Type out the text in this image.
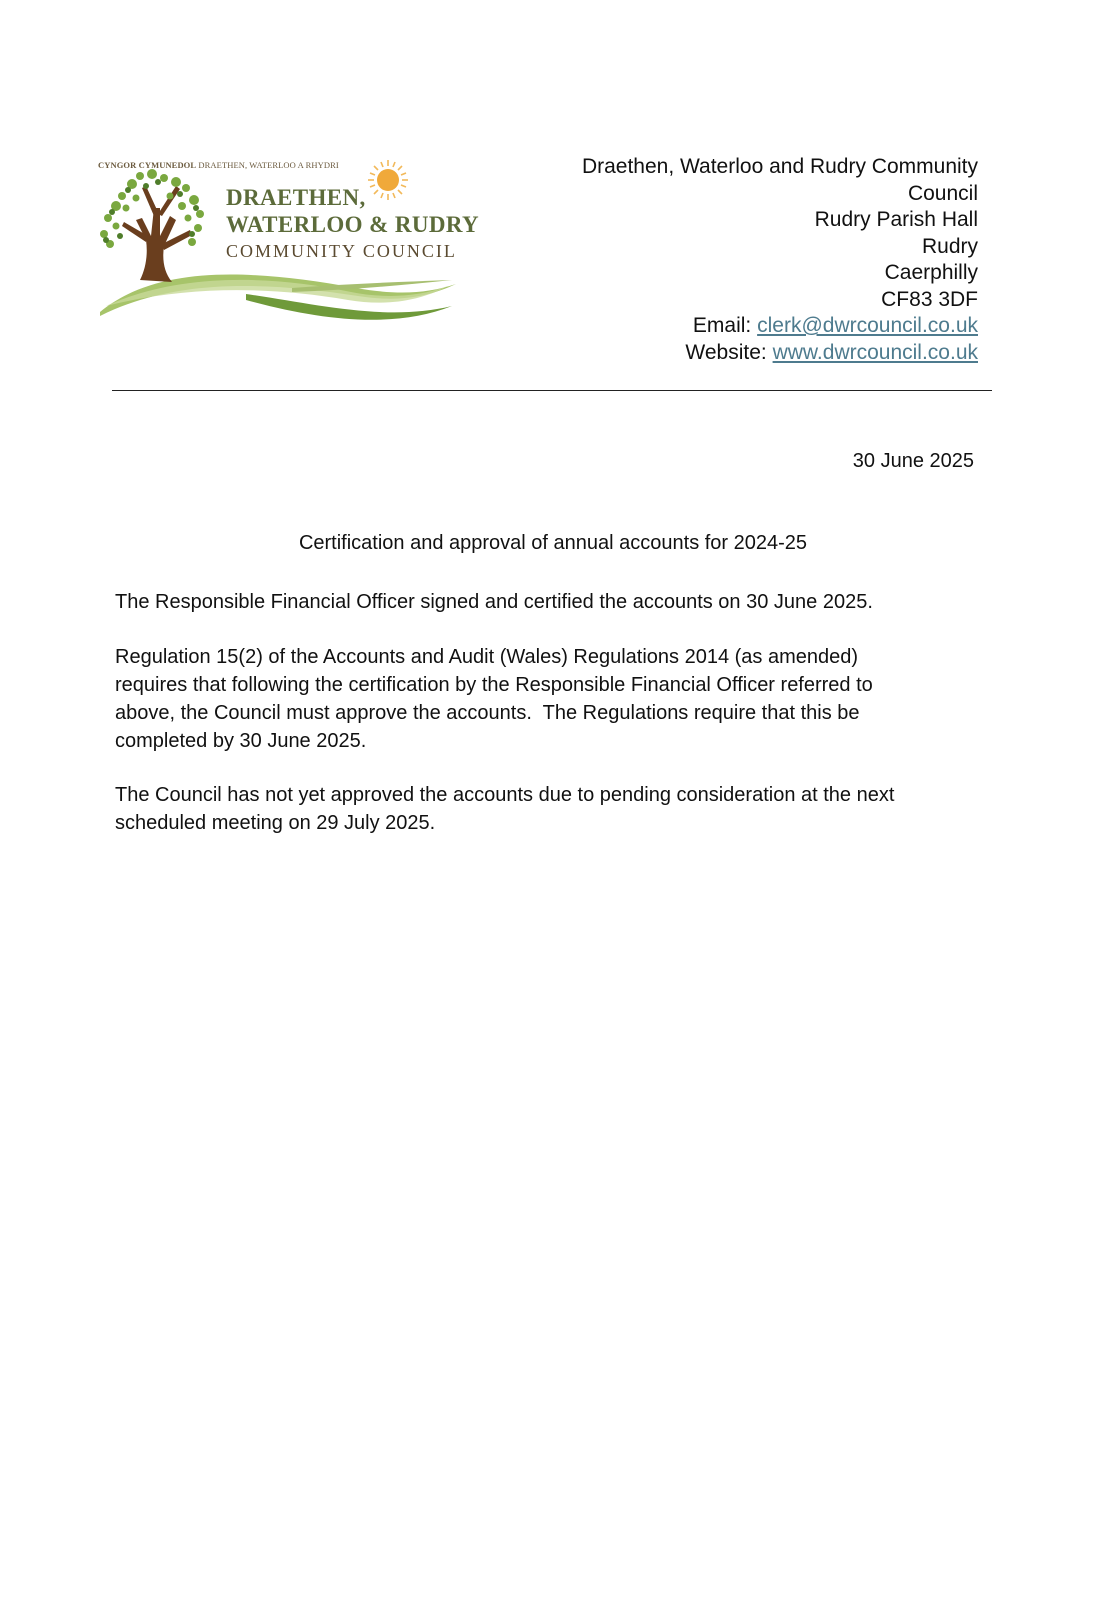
CYNGOR CYMUNEDOL DRAETHEN, WATERLOO A RHYDRI
DRAETHEN,
WATERLOO & RUDRY
COMMUNITY COUNCIL
Draethen, Waterloo and Rudry Community
Council
Rudry Parish Hall
Rudry
Caerphilly
CF83 3DF
Email: clerk@dwrcouncil.co.uk
Website: www.dwrcouncil.co.uk
30 June 2025
Certification and approval of annual accounts for 2024-25
The Responsible Financial Officer signed and certified the accounts on 30 June 2025.
Regulation 15(2) of the Accounts and Audit (Wales) Regulations 2014 (as amended)
requires that following the certification by the Responsible Financial Officer referred to
above, the Council must approve the accounts.  The Regulations require that this be
completed by 30 June 2025.
The Council has not yet approved the accounts due to pending consideration at the next
scheduled meeting on 29 July 2025.
